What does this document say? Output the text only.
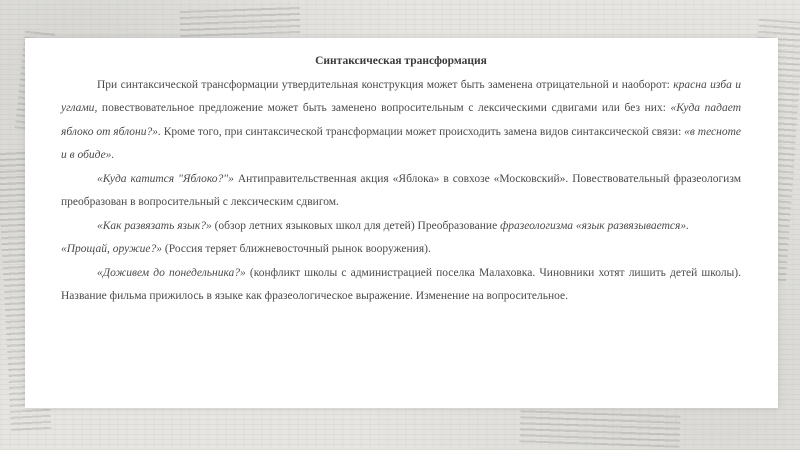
Синтаксическая трансформация

При синтаксической трансформации утвердительная конструкция может быть заменена отрицательной и наоборот: красна изба и углами, повествовательное предложение может быть заменено вопросительным с лексическими сдвигами или без них: «Куда падает яблоко от яблони?». Кроме того, при синтаксической трансформации может происходить замена видов синтаксической связи: «в тесноте и в обиде».

«Куда катится "Яблоко?"» Антиправительственная акция «Яблока» в совхозе «Московский». Повествовательный фразеологизм преобразован в вопросительный с лексическим сдвигом.

«Как развязать язык?» (обзор летних языковых школ для детей) Преобразование фразеологизма «язык развязывается».

«Прощай, оружие?» (Россия теряет ближневосточный рынок вооружения).

«Доживем до понедельника?» (конфликт школы с администрацией поселка Малаховка. Чиновники хотят лишить детей школы). Название фильма прижилось в языке как фразеологическое выражение. Изменение на вопросительное.
